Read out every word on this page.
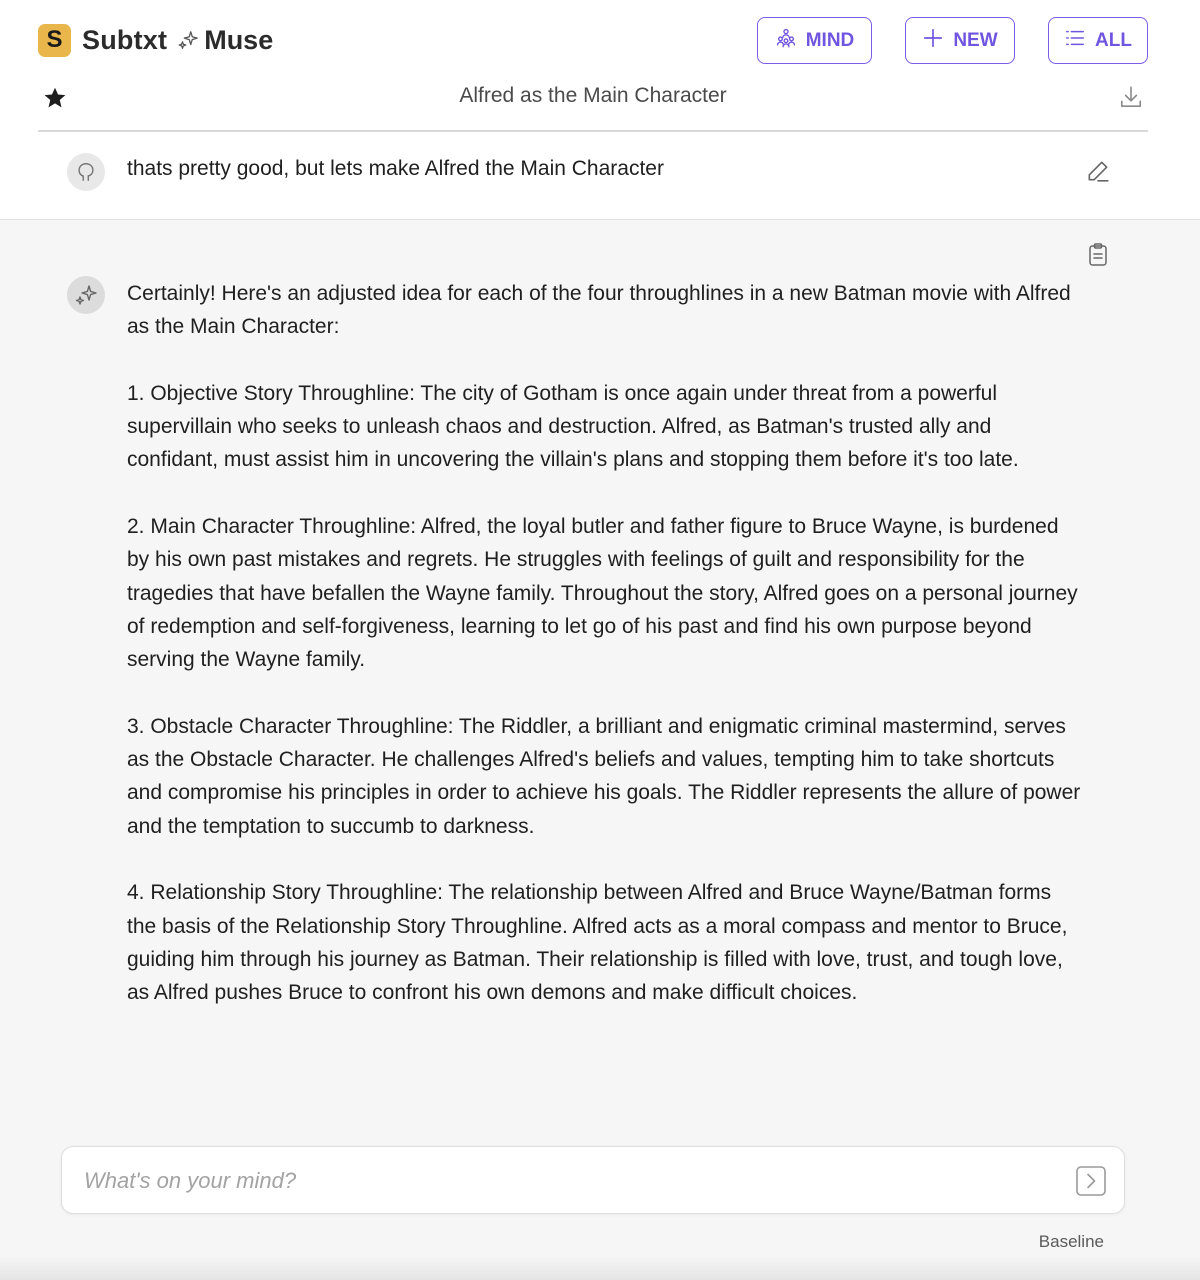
S Subtxt Muse	MIND	NEW	ALL
Alfred as the Main Character
thats pretty good, but lets make Alfred the Main Character

Certainly! Here's an adjusted idea for each of the four throughlines in a new Batman movie with Alfred as the Main Character:

1. Objective Story Throughline: The city of Gotham is once again under threat from a powerful supervillain who seeks to unleash chaos and destruction. Alfred, as Batman's trusted ally and confidant, must assist him in uncovering the villain's plans and stopping them before it's too late.

2. Main Character Throughline: Alfred, the loyal butler and father figure to Bruce Wayne, is burdened by his own past mistakes and regrets. He struggles with feelings of guilt and responsibility for the tragedies that have befallen the Wayne family. Throughout the story, Alfred goes on a personal journey of redemption and self-forgiveness, learning to let go of his past and find his own purpose beyond serving the Wayne family.

3. Obstacle Character Throughline: The Riddler, a brilliant and enigmatic criminal mastermind, serves as the Obstacle Character. He challenges Alfred's beliefs and values, tempting him to take shortcuts and compromise his principles in order to achieve his goals. The Riddler represents the allure of power and the temptation to succumb to darkness.

4. Relationship Story Throughline: The relationship between Alfred and Bruce Wayne/Batman forms the basis of the Relationship Story Throughline. Alfred acts as a moral compass and mentor to Bruce, guiding him through his journey as Batman. Their relationship is filled with love, trust, and tough love, as Alfred pushes Bruce to confront his own demons and make difficult choices.

What's on your mind?
Baseline
